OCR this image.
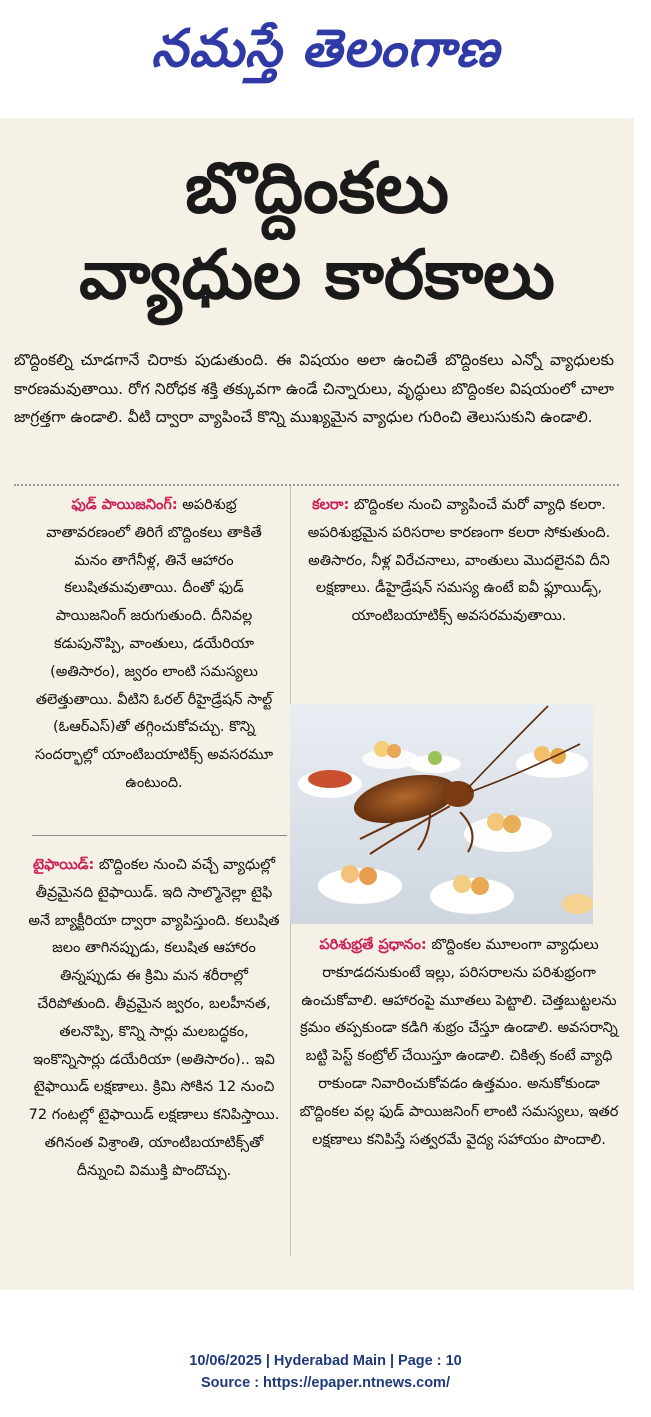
నమస్తే తెలంగాణ
బొద్దింకలు
వ్యాధుల కారకాలు
బొద్దింకల్ని చూడగానే చిరాకు పుడుతుంది. ఈ విషయం అలా ఉంచితే బొద్దింకలు ఎన్నో వ్యాధులకు కారణమవుతాయి. రోగ నిరోధక శక్తి తక్కువగా ఉండే చిన్నారులు, వృద్ధులు బొద్దింకల విషయంలో చాలా జాగ్రత్తగా ఉండాలి. వీటి ద్వారా వ్యాపించే కొన్ని ముఖ్యమైన వ్యాధుల గురించి తెలుసుకుని ఉండాలి.
ఫుడ్ పాయిజనింగ్: అపరిశుభ్ర వాతావరణంలో తిరిగే బొద్దింకలు తాకితే మనం తాగేనీళ్ల, తినే ఆహారం కలుషితమవుతాయి. దీంతో ఫుడ్ పాయిజనింగ్ జరుగుతుంది. దీనివల్ల కడుపునొప్పి, వాంతులు, డయేరియా (అతిసారం), జ్వరం లాంటి సమస్యలు తలెత్తుతాయి. వీటిని ఓరల్ రీహైడ్రేషన్ సాల్ట్ (ఓఆర్ఎస్)తో తగ్గించుకోవచ్చు. కొన్ని సందర్భాల్లో యాంటిబయాటిక్స్ అవసరమూ ఉంటుంది.
కలరా: బొద్దింకల నుంచి వ్యాపించే మరో వ్యాధి కలరా. అపరిశుభ్రమైన పరిసరాల కారణంగా కలరా సోకుతుంది. అతిసారం, నీళ్ల విరేచనాలు, వాంతులు మొదలైనవి దీని లక్షణాలు. డీహైడ్రేషన్ సమస్య ఉంటే ఐవీ ఫ్లూయిడ్స్, యాంటిబయాటిక్స్ అవసరమవుతాయి.
టైఫాయిడ్: బొద్దింకల నుంచి వచ్చే వ్యాధుల్లో తీవ్రమైనది టైఫాయిడ్. ఇది సాల్మొనెల్లా టైఫి అనే బ్యాక్టీరియా ద్వారా వ్యాపిస్తుంది. కలుషిత జలం తాగినప్పుడు, కలుషిత ఆహారం తిన్నప్పుడు ఈ క్రిమి మన శరీరాల్లో చేరిపోతుంది. తీవ్రమైన జ్వరం, బలహీనత, తలనొప్పి, కొన్ని సార్లు మలబద్ధకం, ఇంకొన్నిసార్లు డయేరియా (అతిసారం).. ఇవి టైఫాయిడ్ లక్షణాలు. క్రిమి సోకిన 12 నుంచి 72 గంటల్లో టైఫాయిడ్ లక్షణాలు కనిపిస్తాయి. తగినంత విశ్రాంతి, యాంటిబయాటిక్స్‌తో దీన్నుంచి విముక్తి పొందొచ్చు.
పరిశుభ్రతే ప్రధానం: బొద్దింకల మూలంగా వ్యాధులు రాకూడదనుకుంటే ఇల్లు, పరిసరాలను పరిశుభ్రంగా ఉంచుకోవాలి. ఆహారంపై మూతలు పెట్టాలి. చెత్తబుట్టలను క్రమం తప్పకుండా కడిగి శుభ్రం చేస్తూ ఉండాలి. అవసరాన్ని బట్టి పెస్ట్ కంట్రోల్ చేయిస్తూ ఉండాలి. చికిత్స కంటే వ్యాధి రాకుండా నివారించుకోవడం ఉత్తమం. అనుకోకుండా బొద్దింకల వల్ల ఫుడ్ పాయిజనింగ్ లాంటి సమస్యలు, ఇతర లక్షణాలు కనిపిస్తే సత్వరమే వైద్య సహాయం పొందాలి.
10/06/2025 | Hyderabad Main | Page : 10
Source : https://epaper.ntnews.com/
